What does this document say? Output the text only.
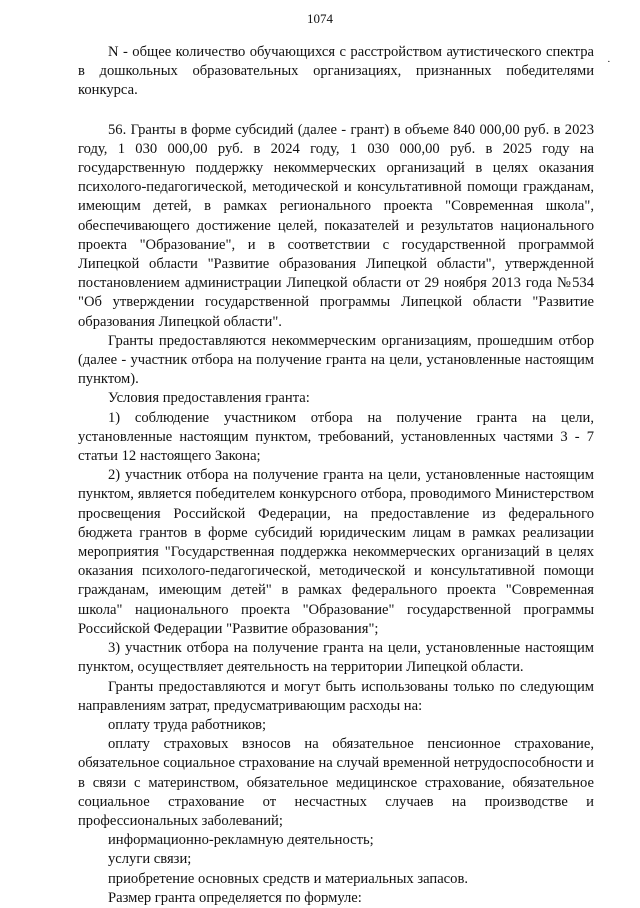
1074
·

N - общее количество обучающихся с расстройством аутистического спектра в дошкольных образовательных организациях, признанных победителями конкурса.

56. Гранты в форме субсидий (далее - грант) в объеме 840 000,00 руб. в 2023 году, 1 030 000,00 руб. в 2024 году, 1 030 000,00 руб. в 2025 году на государственную поддержку некоммерческих организаций в целях оказания психолого-педагогической, методической и консультативной помощи гражданам, имеющим детей, в рамках регионального проекта "Современная школа", обеспечивающего достижение целей, показателей и результатов национального проекта "Образование", и в соответствии с государственной программой Липецкой области "Развитие образования Липецкой области", утвержденной постановлением администрации Липецкой области от 29 ноября 2013 года №534 "Об утверждении государственной программы Липецкой области "Развитие образования Липецкой области".

Гранты предоставляются некоммерческим организациям, прошедшим отбор (далее - участник отбора на получение гранта на цели, установленные настоящим пунктом).

Условия предоставления гранта:

1) соблюдение участником отбора на получение гранта на цели, установленные настоящим пунктом, требований, установленных частями 3 - 7 статьи 12 настоящего Закона;

2) участник отбора на получение гранта на цели, установленные настоящим пунктом, является победителем конкурсного отбора, проводимого Министерством просвещения Российской Федерации, на предоставление из федерального бюджета грантов в форме субсидий юридическим лицам в рамках реализации мероприятия "Государственная поддержка некоммерческих организаций в целях оказания психолого-педагогической, методической и консультативной помощи гражданам, имеющим детей" в рамках федерального проекта "Современная школа" национального проекта "Образование" государственной программы Российской Федерации "Развитие образования";

3) участник отбора на получение гранта на цели, установленные настоящим пунктом, осуществляет деятельность на территории Липецкой области.

Гранты предоставляются и могут быть использованы только по следующим направлениям затрат, предусматривающим расходы на:

оплату труда работников;

оплату страховых взносов на обязательное пенсионное страхование, обязательное социальное страхование на случай временной нетрудоспособности и в связи с материнством, обязательное медицинское страхование, обязательное социальное страхование от несчастных случаев на производстве и профессиональных заболеваний;

информационно-рекламную деятельность;

услуги связи;

приобретение основных средств и материальных запасов.

Размер гранта определяется по формуле:
